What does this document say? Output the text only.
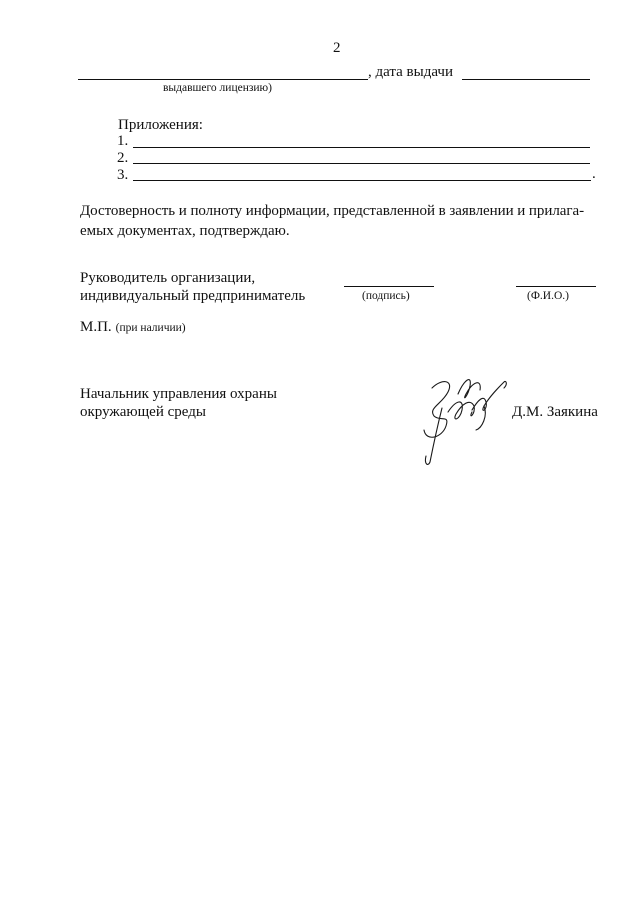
2
, дата выдачи
выдавшего лицензию)
Приложения:
1.
2.
3.	.
Достоверность и полноту информации, представленной в заявлении и прилага-
емых документах, подтверждаю.
Руководитель организации,
индивидуальный предприниматель	(подпись)	(Ф.И.О.)
М.П. (при наличии)
Начальник управления охраны
окружающей среды	Д.М. Заякина
